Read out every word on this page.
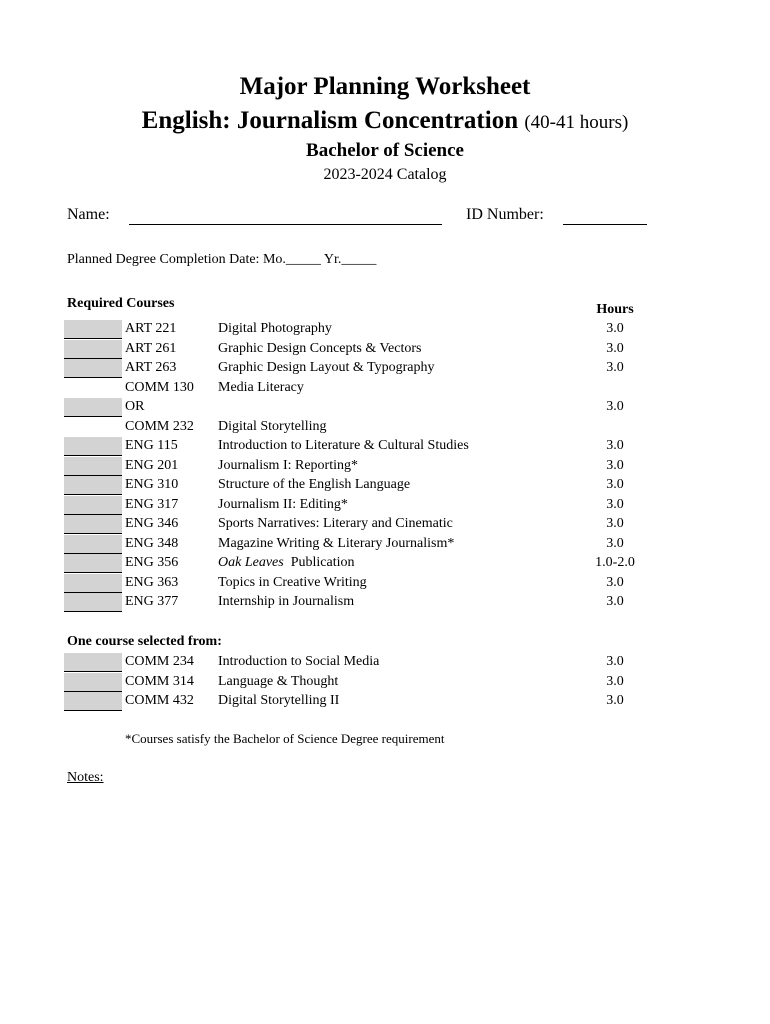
Major Planning Worksheet
English: Journalism Concentration (40-41 hours)
Bachelor of Science
2023-2024 Catalog
Name:	ID Number:
Planned Degree Completion Date: Mo._____ Yr._____
Required Courses	Hours
ART 221	Digital Photography	3.0
ART 261	Graphic Design Concepts & Vectors	3.0
ART 263	Graphic Design Layout & Typography	3.0
COMM 130 Media Literacy
OR	3.0
COMM 232 Digital Storytelling
ENG 115	Introduction to Literature & Cultural Studies	3.0
ENG 201	Journalism I: Reporting*	3.0
ENG 310	Structure of the English Language	3.0
ENG 317	Journalism II: Editing*	3.0
ENG 346	Sports Narratives: Literary and Cinematic	3.0
ENG 348	Magazine Writing & Literary Journalism*	3.0
ENG 356	Oak Leaves Publication	1.0-2.0
ENG 363	Topics in Creative Writing	3.0
ENG 377	Internship in Journalism	3.0
One course selected from:
COMM 234 Introduction to Social Media	3.0
COMM 314 Language & Thought	3.0
COMM 432 Digital Storytelling II	3.0
*Courses satisfy the Bachelor of Science Degree requirement
Notes:
